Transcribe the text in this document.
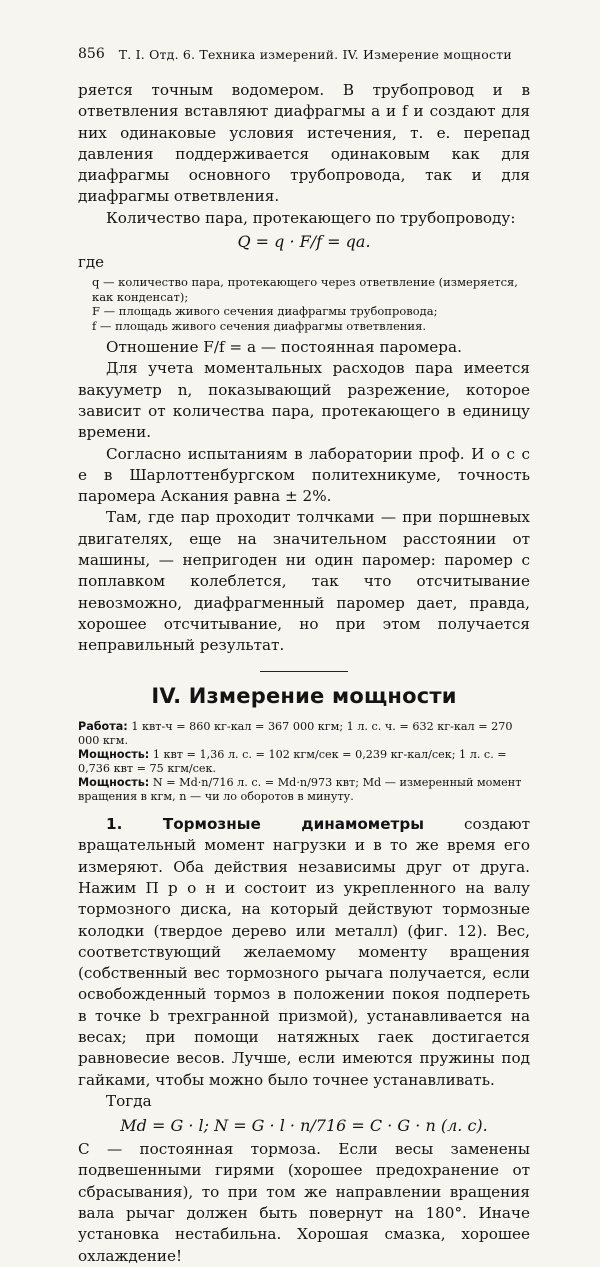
856 Т. I. Отд. 6. Техника измерений. IV. Измерение мощности

ряется точным водомером. В трубопровод и в ответвления вставляют диафрагмы a и f и создают для них одинаковые условия истечения, т. е. перепад давления поддерживается одинаковым как для диафрагмы основного трубопровода, так и для диафрагмы ответвления.

Количество пара, протекающего по трубопроводу:

Q = q · F/f = qa.
где
q — количество пара, протекающего через ответвление (измеряется, как конденсат);
F — площадь живого сечения диафрагмы трубопровода;
f — площадь живого сечения диафрагмы ответвления.

Отношение F/f = a — постоянная паромера.

Для учета моментальных расходов пара имеется вакууметр n, показывающий разрежение, которое зависит от количества пара, протекающего в единицу времени.

Согласно испытаниям в лаборатории проф. И о с с е в Шарлоттенбургском политехникуме, точность паромера Аскания равна ± 2%.

Там, где пар проходит толчками — при поршневых двигателях, еще на значительном расстоянии от машины, — непригоден ни один паромер: паромер с поплавком колеблется, так что отсчитывание невозможно, диафрагменный паромер дает, правда, хорошее отсчитывание, но при этом получается неправильный результат.

IV. Измерение мощности
Работа: 1 квт-ч = 860 кг-кал = 367 000 кгм; 1 л. с. ч. = 632 кг-кал = 270 000 кгм.
Мощность: 1 квт = 1,36 л. с. = 102 кгм/сек = 0,239 кг-кал/сек; 1 л. с. = 0,736 квт = 75 кгм/сек.
Мощность: N = Md·n/716 л. с. = Md·n/973 квт; Md — измеренный момент вращения в кгм, n — чи ло оборотов в минуту.

1. Тормозные динамометры создают вращательный момент нагрузки и в то же время его измеряют. Оба действия независимы друг от друга. Нажим П р о н и состоит из укрепленного на валу тормозного диска, на который действуют тормозные колодки (твердое дерево или металл) (фиг. 12). Вес, соответствующий желаемому моменту вращения (собственный вес тормозного рычага получается, если освобожденный тормоз в положении покоя подпереть в точке b трехгранной призмой), устанавливается на весах; при помощи натяжных гаек достигается равновесие весов. Лучше, если имеются пружины под гайками, чтобы можно было точнее устанавливать.

Тогда

Md = G · l; N = G · l · n/716 = C · G · n (л. с).

C — постоянная тормоза. Если весы заменены подвешенными гирями (хорошее предохранение от сбрасывания), то при том же направлении вращения вала рычаг должен быть повернут на 180°. Иначе установка нестабильна. Хорошая смазка, хорошее охлаждение!
